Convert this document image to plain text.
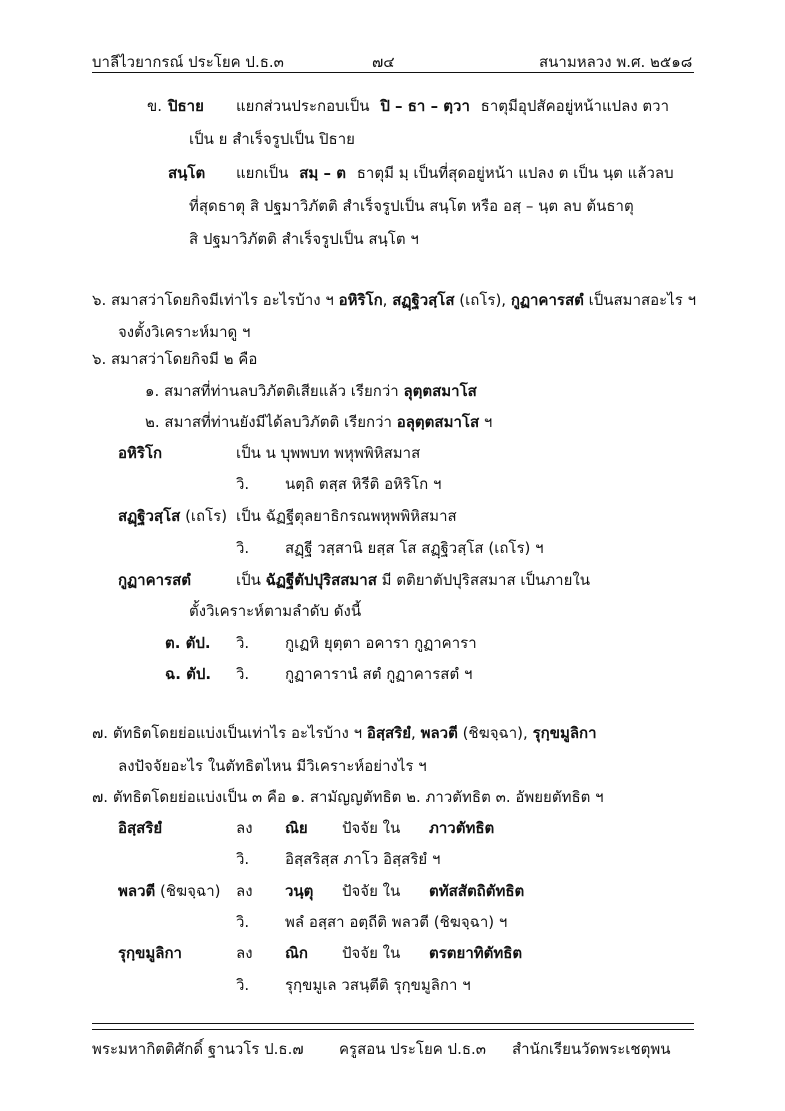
บาลีไวยากรณ์ ประโยค ป.ธ.๓	๗๔	สนามหลวง พ.ศ. ๒๕๑๘
ข. ปิธาย แยกส่วนประกอบเป็น ปิ – ธา – ตฺวา ธาตุมีอุปสัคอยู่หน้าแปลง ตวา
เป็น ย สำเร็จรูปเป็น ปิธาย
สนฺโต แยกเป็น สมฺ – ต ธาตุมี มฺ เป็นที่สุดอยู่หน้า แปลง ต เป็น นฺต แล้วลบ
ที่สุดธาตุ สิ ปฐมาวิภัตติ สำเร็จรูปเป็น สนฺโต หรือ อสฺ – นฺต ลบ ต้นธาตุ
สิ ปฐมาวิภัตติ สำเร็จรูปเป็น สนฺโต ฯ
๖. สมาสว่าโดยกิจมีเท่าไร อะไรบ้าง ฯ อหิริโก, สฏฺฐิวสฺโส (เถโร), กูฏาคารสตํ เป็นสมาสอะไร ฯ
จงตั้งวิเคราะห์มาดู ฯ
๖. สมาสว่าโดยกิจมี ๒ คือ
๑. สมาสที่ท่านลบวิภัตติเสียแล้ว เรียกว่า ลุตฺตสมาโส
๒. สมาสที่ท่านยังมีได้ลบวิภัตติ เรียกว่า อลุตฺตสมาโส ฯ
อหิริโก	เป็น น บุพพบท พหุพพิหิสมาส
วิ. นตฺถิ ตสฺส หิรีติ อหิริโก ฯ
สฏฺฐิวสฺโส (เถโร) เป็น ฉัฏฐีตุลยาธิกรณพหุพพิหิสมาส
วิ. สฏฺฐี วสฺสานิ ยสฺส โส สฏฺฐิวสฺโส (เถโร) ฯ
กูฏาคารสตํ	เป็น ฉัฏฐีตัปปุริสสมาส มี ตติยาตัปปุริสสมาส เป็นภายใน
ตั้งวิเคราะห์ตามลำดับ ดังนี้
ต. ตัป. วิ. กูเฏหิ ยุตฺตา อคารา กูฏาคารา
ฉ. ตัป. วิ. กูฏาคารานํ สตํ กูฏาคารสตํ ฯ
๗. ตัทธิตโดยย่อแบ่งเป็นเท่าไร อะไรบ้าง ฯ อิสฺสริยํ, พลวตี (ชิฆจฺฉา), รุกฺขมูลิกา
ลงปัจจัยอะไร ในตัทธิตไหน มีวิเคราะห์อย่างไร ฯ
๗. ตัทธิตโดยย่อแบ่งเป็น ๓ คือ ๑. สามัญญตัทธิต ๒. ภาวตัทธิต ๓. อัพยยตัทธิต ฯ
อิสฺสริยํ	ลง ณิย ปัจจัย ใน ภาวตัทธิต
วิ. อิสฺสริสฺส ภาโว อิสฺสริยํ ฯ
พลวตี (ชิฆจฺฉา) ลง วนฺตุ ปัจจัย ใน ตทัสสัตถิตัทธิต
วิ. พลํ อสฺสา อตฺถีติ พลวตี (ชิฆจฺฉา) ฯ
รุกฺขมูลิกา	ลง ณิก ปัจจัย ใน ตรตยาทิตัทธิต
วิ. รุกฺขมูเล วสนฺตีติ รุกฺขมูลิกา ฯ
พระมหากิตติศักดิ์ ฐานวโร ป.ธ.๗ ครูสอน ประโยค ป.ธ.๓ สำนักเรียนวัดพระเชตุพน
